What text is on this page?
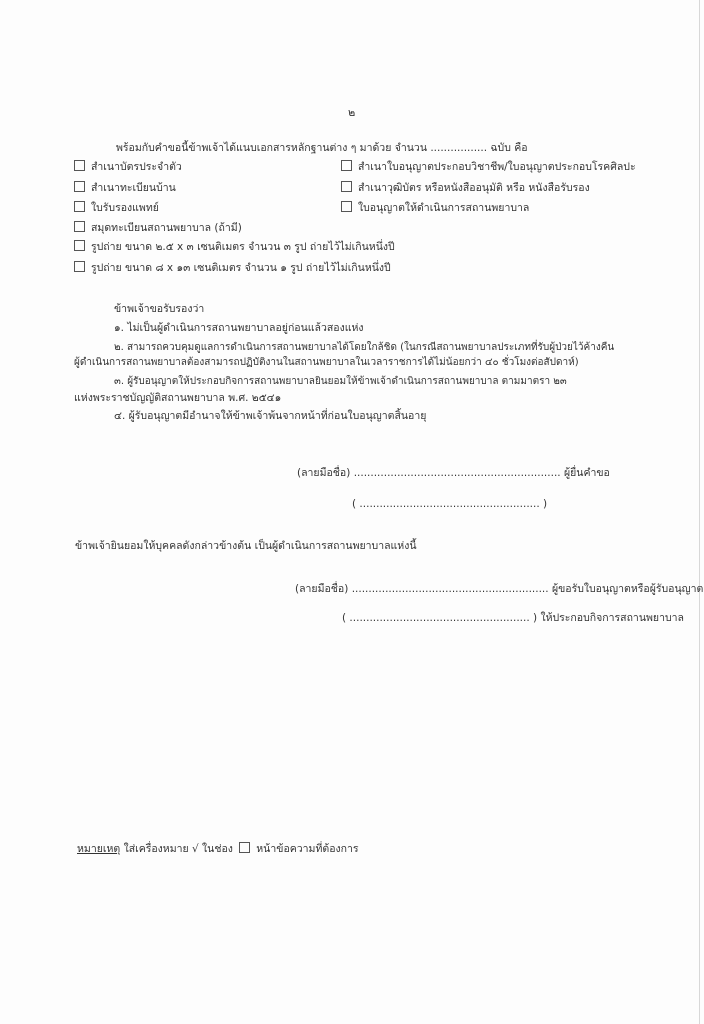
๒
พร้อมกับคำขอนี้ข้าพเจ้าได้แนบเอกสารหลักฐานต่าง ๆ มาด้วย จำนวน ................. ฉบับ คือ
สำเนาบัตรประจำตัว
สำเนาทะเบียนบ้าน
ใบรับรองแพทย์
สมุดทะเบียนสถานพยาบาล (ถ้ามี)
รูปถ่าย ขนาด ๒.๕ x ๓ เซนติเมตร จำนวน ๓ รูป ถ่ายไว้ไม่เกินหนึ่งปี
รูปถ่าย ขนาด ๘ x ๑๓ เซนติเมตร จำนวน ๑ รูป ถ่ายไว้ไม่เกินหนึ่งปี
สำเนาใบอนุญาตประกอบวิชาชีพ/ใบอนุญาตประกอบโรคศิลปะ
สำเนาวุฒิบัตร หรือหนังสืออนุมัติ หรือ หนังสือรับรอง
ใบอนุญาตให้ดำเนินการสถานพยาบาล
ข้าพเจ้าขอรับรองว่า
๑. ไม่เป็นผู้ดำเนินการสถานพยาบาลอยู่ก่อนแล้วสองแห่ง
๒. สามารถควบคุมดูแลการดำเนินการสถานพยาบาลได้โดยใกล้ชิด (ในกรณีสถานพยาบาลประเภทที่รับผู้ป่วยไว้ค้างคืน
ผู้ดำเนินการสถานพยาบาลต้องสามารถปฏิบัติงานในสถานพยาบาลในเวลาราชการได้ไม่น้อยกว่า ๔๐ ชั่วโมงต่อสัปดาห์)
๓. ผู้รับอนุญาตให้ประกอบกิจการสถานพยาบาลยินยอมให้ข้าพเจ้าดำเนินการสถานพยาบาล ตามมาตรา ๒๓
แห่งพระราชบัญญัติสถานพยาบาล พ.ศ. ๒๕๔๑
๔. ผู้รับอนุญาตมีอำนาจให้ข้าพเจ้าพ้นจากหน้าที่ก่อนใบอนุญาตสิ้นอายุ
(ลายมือชื่อ) .............................................................. ผู้ยื่นคำขอ
( ...................................................... )
ข้าพเจ้ายินยอมให้บุคคลดังกล่าวข้างต้น เป็นผู้ดำเนินการสถานพยาบาลแห่งนี้
(ลายมือชื่อ) ........................................................... ผู้ขอรับใบอนุญาตหรือผู้รับอนุญาต
( ...................................................... ) ให้ประกอบกิจการสถานพยาบาล
หมายเหตุ ใส่เครื่องหมาย √ ในช่อง หน้าข้อความที่ต้องการ
